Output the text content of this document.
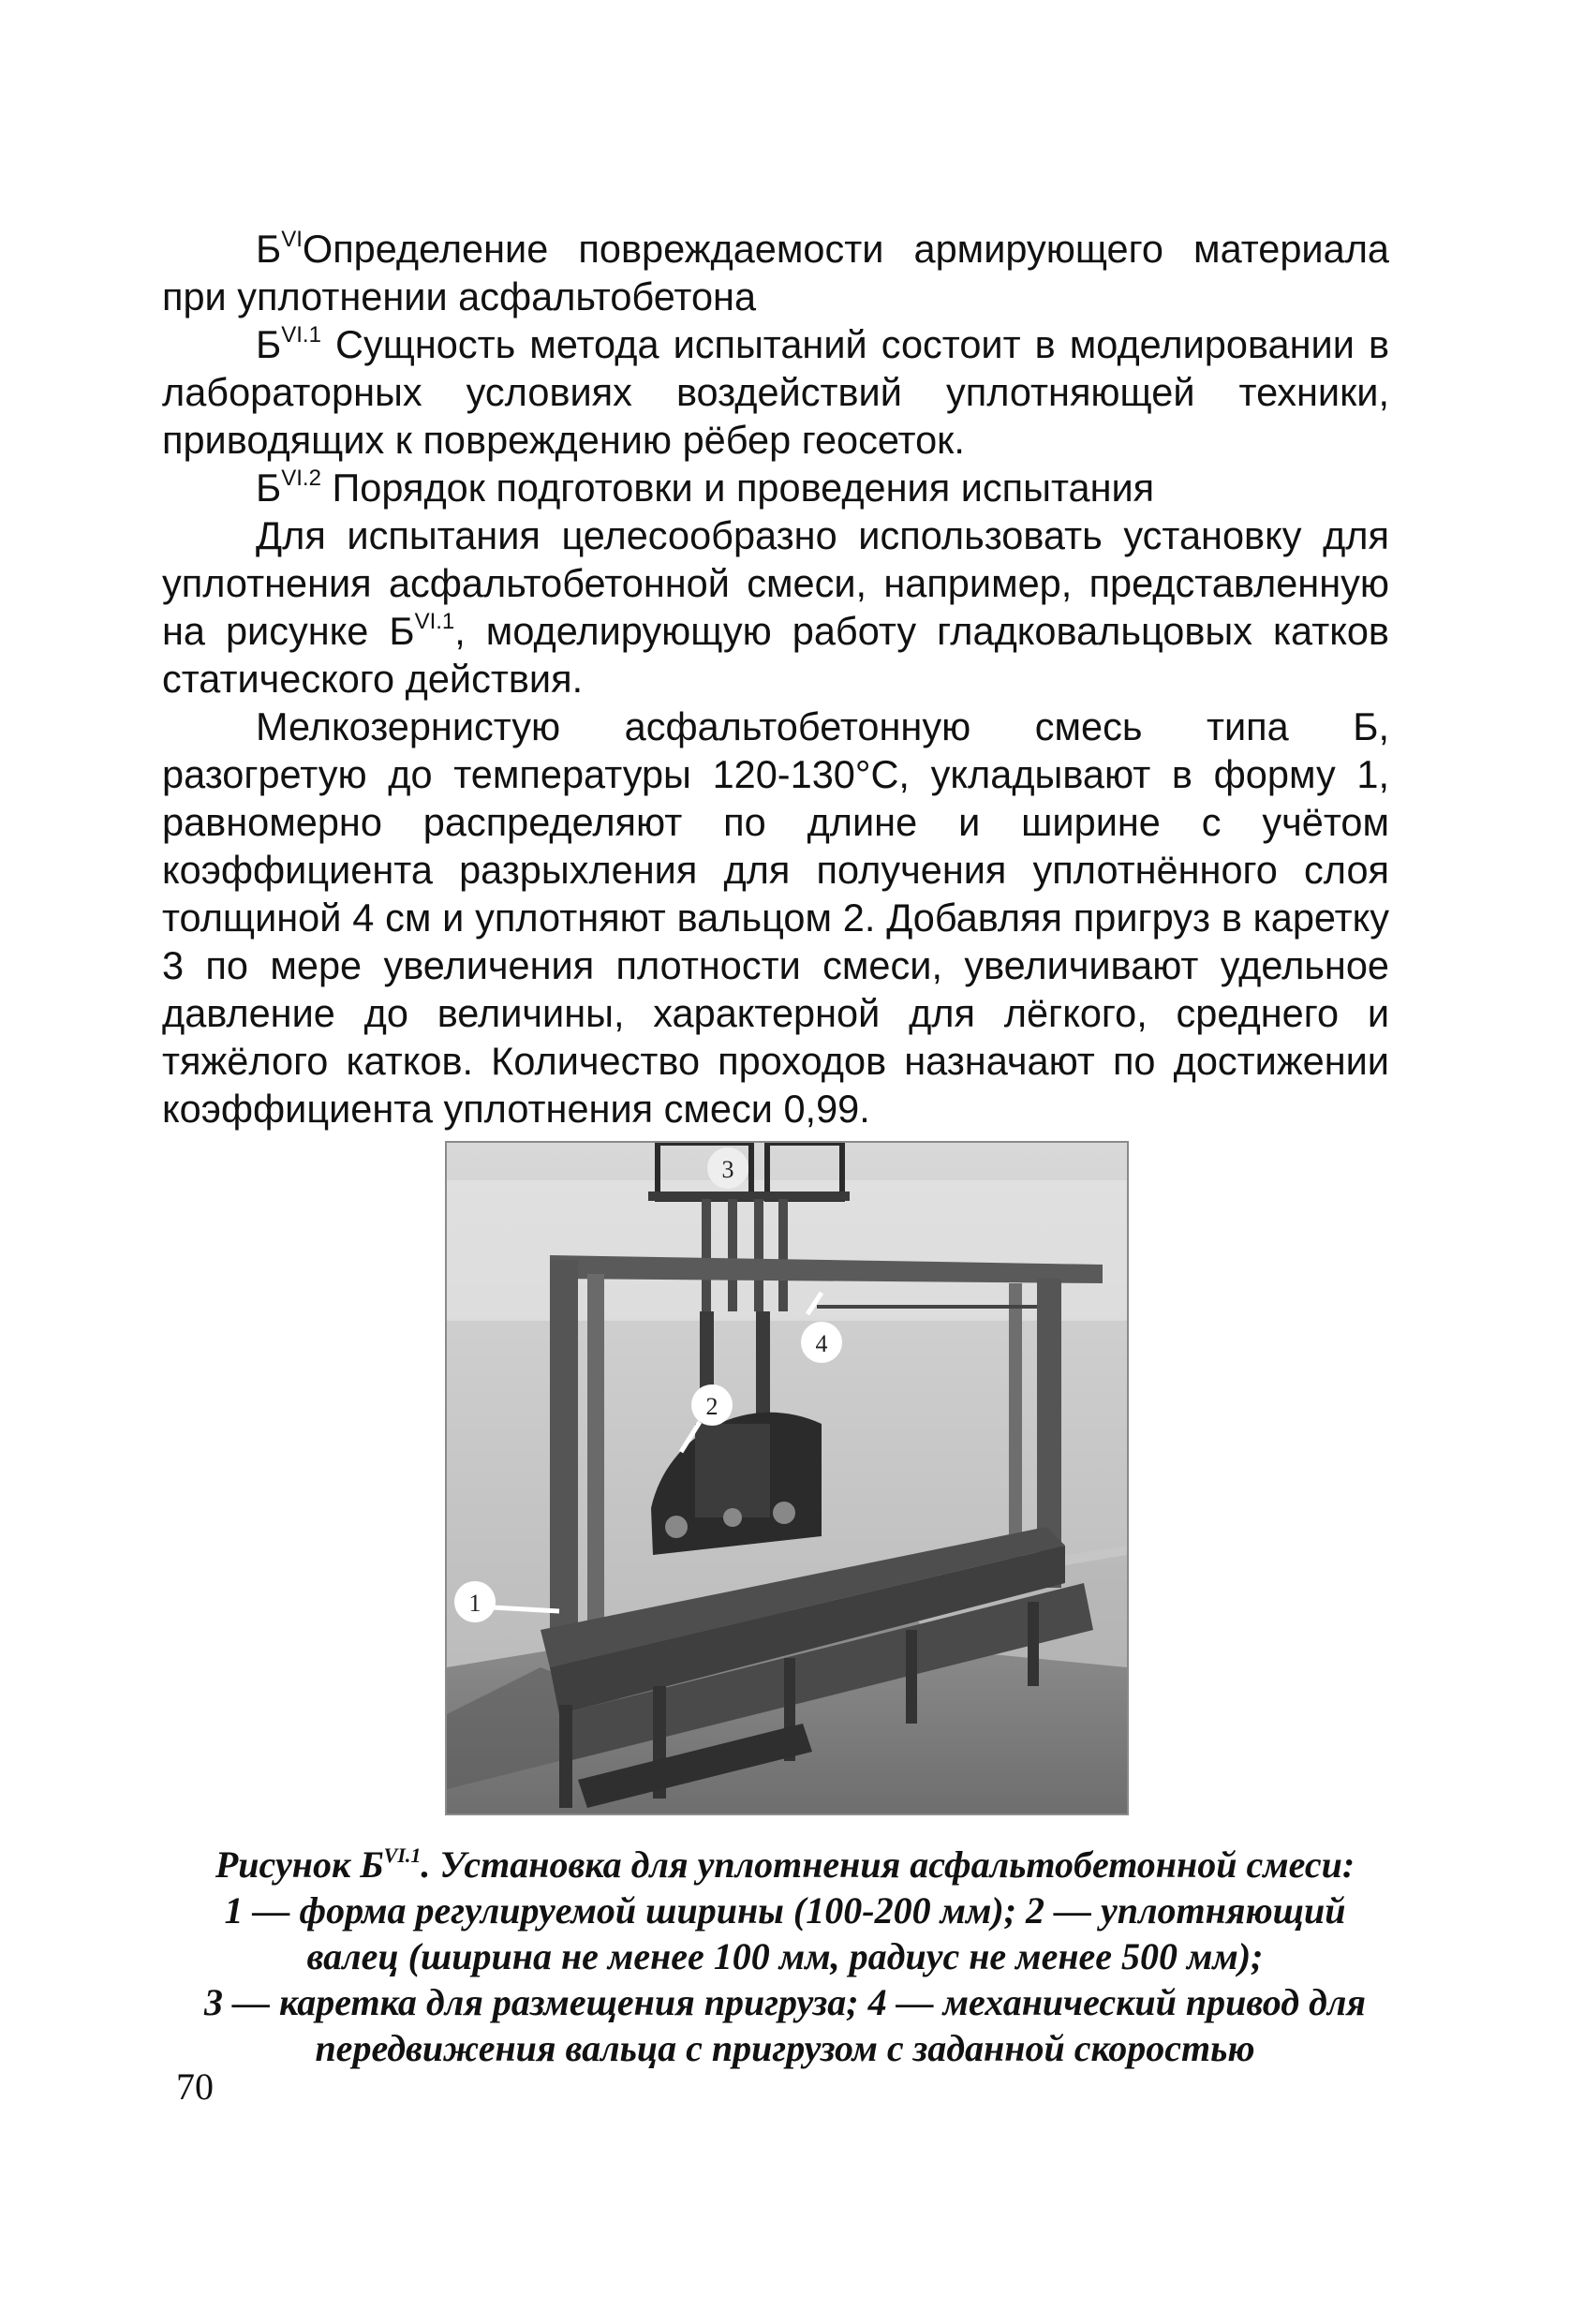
$Б^{VI}Определение$ повреждаемости армирующего материала при уплотнении асфальтобетона

$Б^{VI.1}$ Сущность метода испытаний состоит в моделировании в лабораторных условиях воздействий уплотняющей техники, приводящих к повреждению рёбер геосеток.

$Б^{VI.2}$ Порядок подготовки и проведения испытания

Для испытания целесообразно использовать установку для уплотнения асфальтобетонной смеси, например, представленную на рисунке $Б^{VI.1}$, моделирующую работу гладковальцовых катков статического действия.

Мелкозернистую асфальтобетонную смесь типа Б, разогретую до температуры 120-130°С, укладывают в форму 1, равномерно распределяют по длине и ширине с учётом коэффициента разрыхления для получения уплотнённого слоя толщиной 4 см и уплотняют вальцом 2. Добавляя пригруз в каретку 3 по мере увеличения плотности смеси, увеличивают удельное давление до величины, характерной для лёгкого, среднего и тяжёлого катков. Количество проходов назначают по достижении коэффициента уплотнения смеси 0,99.

3
4
2
1

Рисунок $Б^{VI.1}$. Установка для уплотнения асфальтобетонной смеси:

1 — форма регулируемой ширины (100-200 мм); 2 — уплотняющий

валец (ширина не менее 100 мм, радиус не менее 500 мм);

3 — каретка для размещения пригруза; 4 — механический привод для

передвижения вальца с пригрузом с заданной скоростью

70
